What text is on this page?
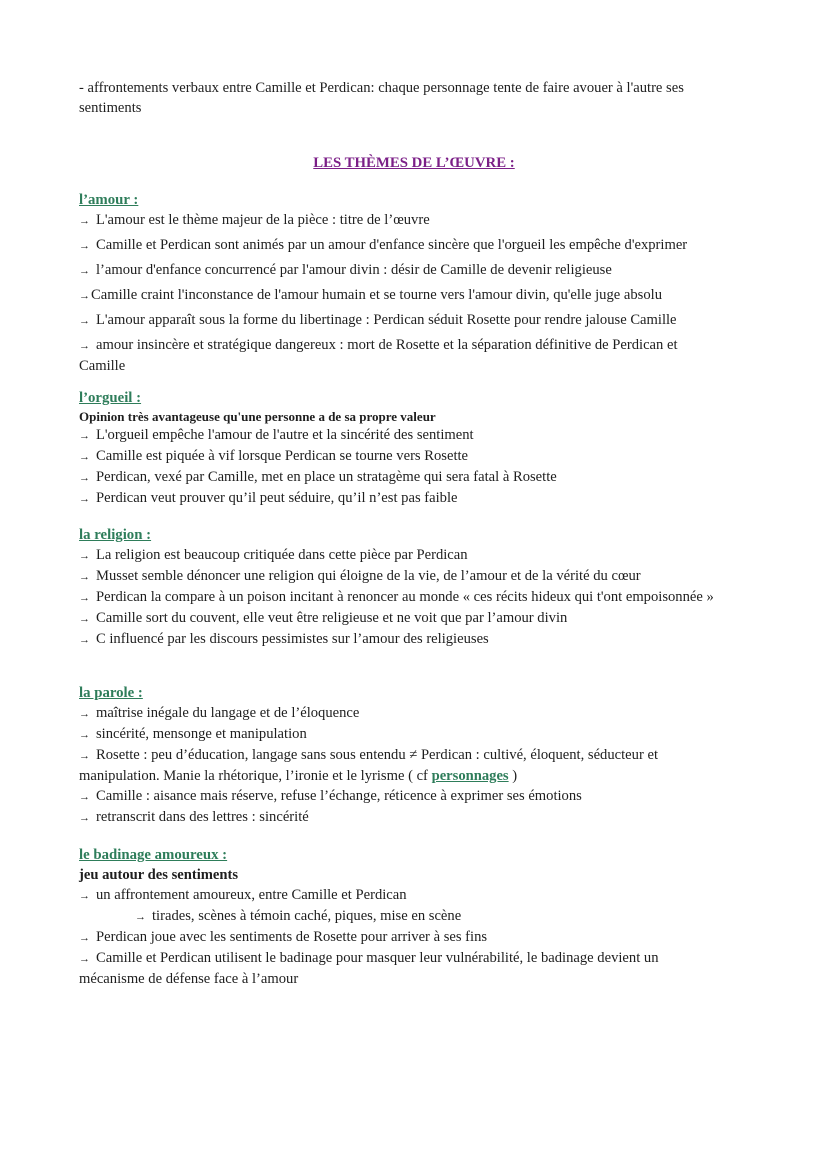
- affrontements verbaux entre Camille et Perdican: chaque personnage tente de faire avouer à l'autre ses sentiments
LES THÈMES DE L’ŒUVRE :
l’amour :
→ L'amour est le thème majeur de la pièce : titre de l’œuvre
→ Camille et Perdican sont animés par un amour d'enfance sincère que l'orgueil les empêche d'exprimer
→ l’amour d'enfance concurrencé par l'amour divin : désir de Camille de devenir religieuse
→Camille craint l'inconstance de l'amour humain et se tourne vers l'amour divin, qu'elle juge absolu
→ L'amour apparaît sous la forme du libertinage : Perdican séduit Rosette pour rendre jalouse Camille
→ amour insincère et stratégique dangereux : mort de Rosette et la séparation définitive de Perdican et Camille
l’orgueil :
Opinion très avantageuse qu'une personne a de sa propre valeur
→ L'orgueil empêche l'amour de l'autre et la sincérité des sentiment
→ Camille est piquée à vif lorsque Perdican se tourne vers Rosette
→ Perdican, vexé par Camille, met en place un stratagème qui sera fatal à Rosette
→ Perdican veut prouver qu’il peut séduire, qu’il n’est pas faible
la religion :
→ La religion est beaucoup critiquée dans cette pièce par Perdican
→ Musset semble dénoncer une religion qui éloigne de la vie, de l’amour et de la vérité du cœur
→ Perdican la compare à un poison incitant à renoncer au monde « ces récits hideux qui t'ont empoisonnée »
→ Camille sort du couvent, elle veut être religieuse et ne voit que par l’amour divin
→ C influencé par les discours pessimistes sur l’amour des religieuses
la parole :
→ maîtrise inégale du langage et de l’éloquence
→ sincérité, mensonge et manipulation
→ Rosette : peu d’éducation, langage sans sous entendu ≠ Perdican : cultivé, éloquent, séducteur et manipulation. Manie la rhétorique, l’ironie et le lyrisme ( cf personnages )
→ Camille : aisance mais réserve, refuse l’échange, réticence à exprimer ses émotions
→ retranscrit dans des lettres : sincérité
le badinage amoureux :
jeu autour des sentiments
→ un affrontement amoureux, entre Camille et Perdican
→ tirades, scènes à témoin caché, piques, mise en scène
→ Perdican joue avec les sentiments de Rosette pour arriver à ses fins
→ Camille et Perdican utilisent le badinage pour masquer leur vulnérabilité, le badinage devient un mécanisme de défense face à l’amour
